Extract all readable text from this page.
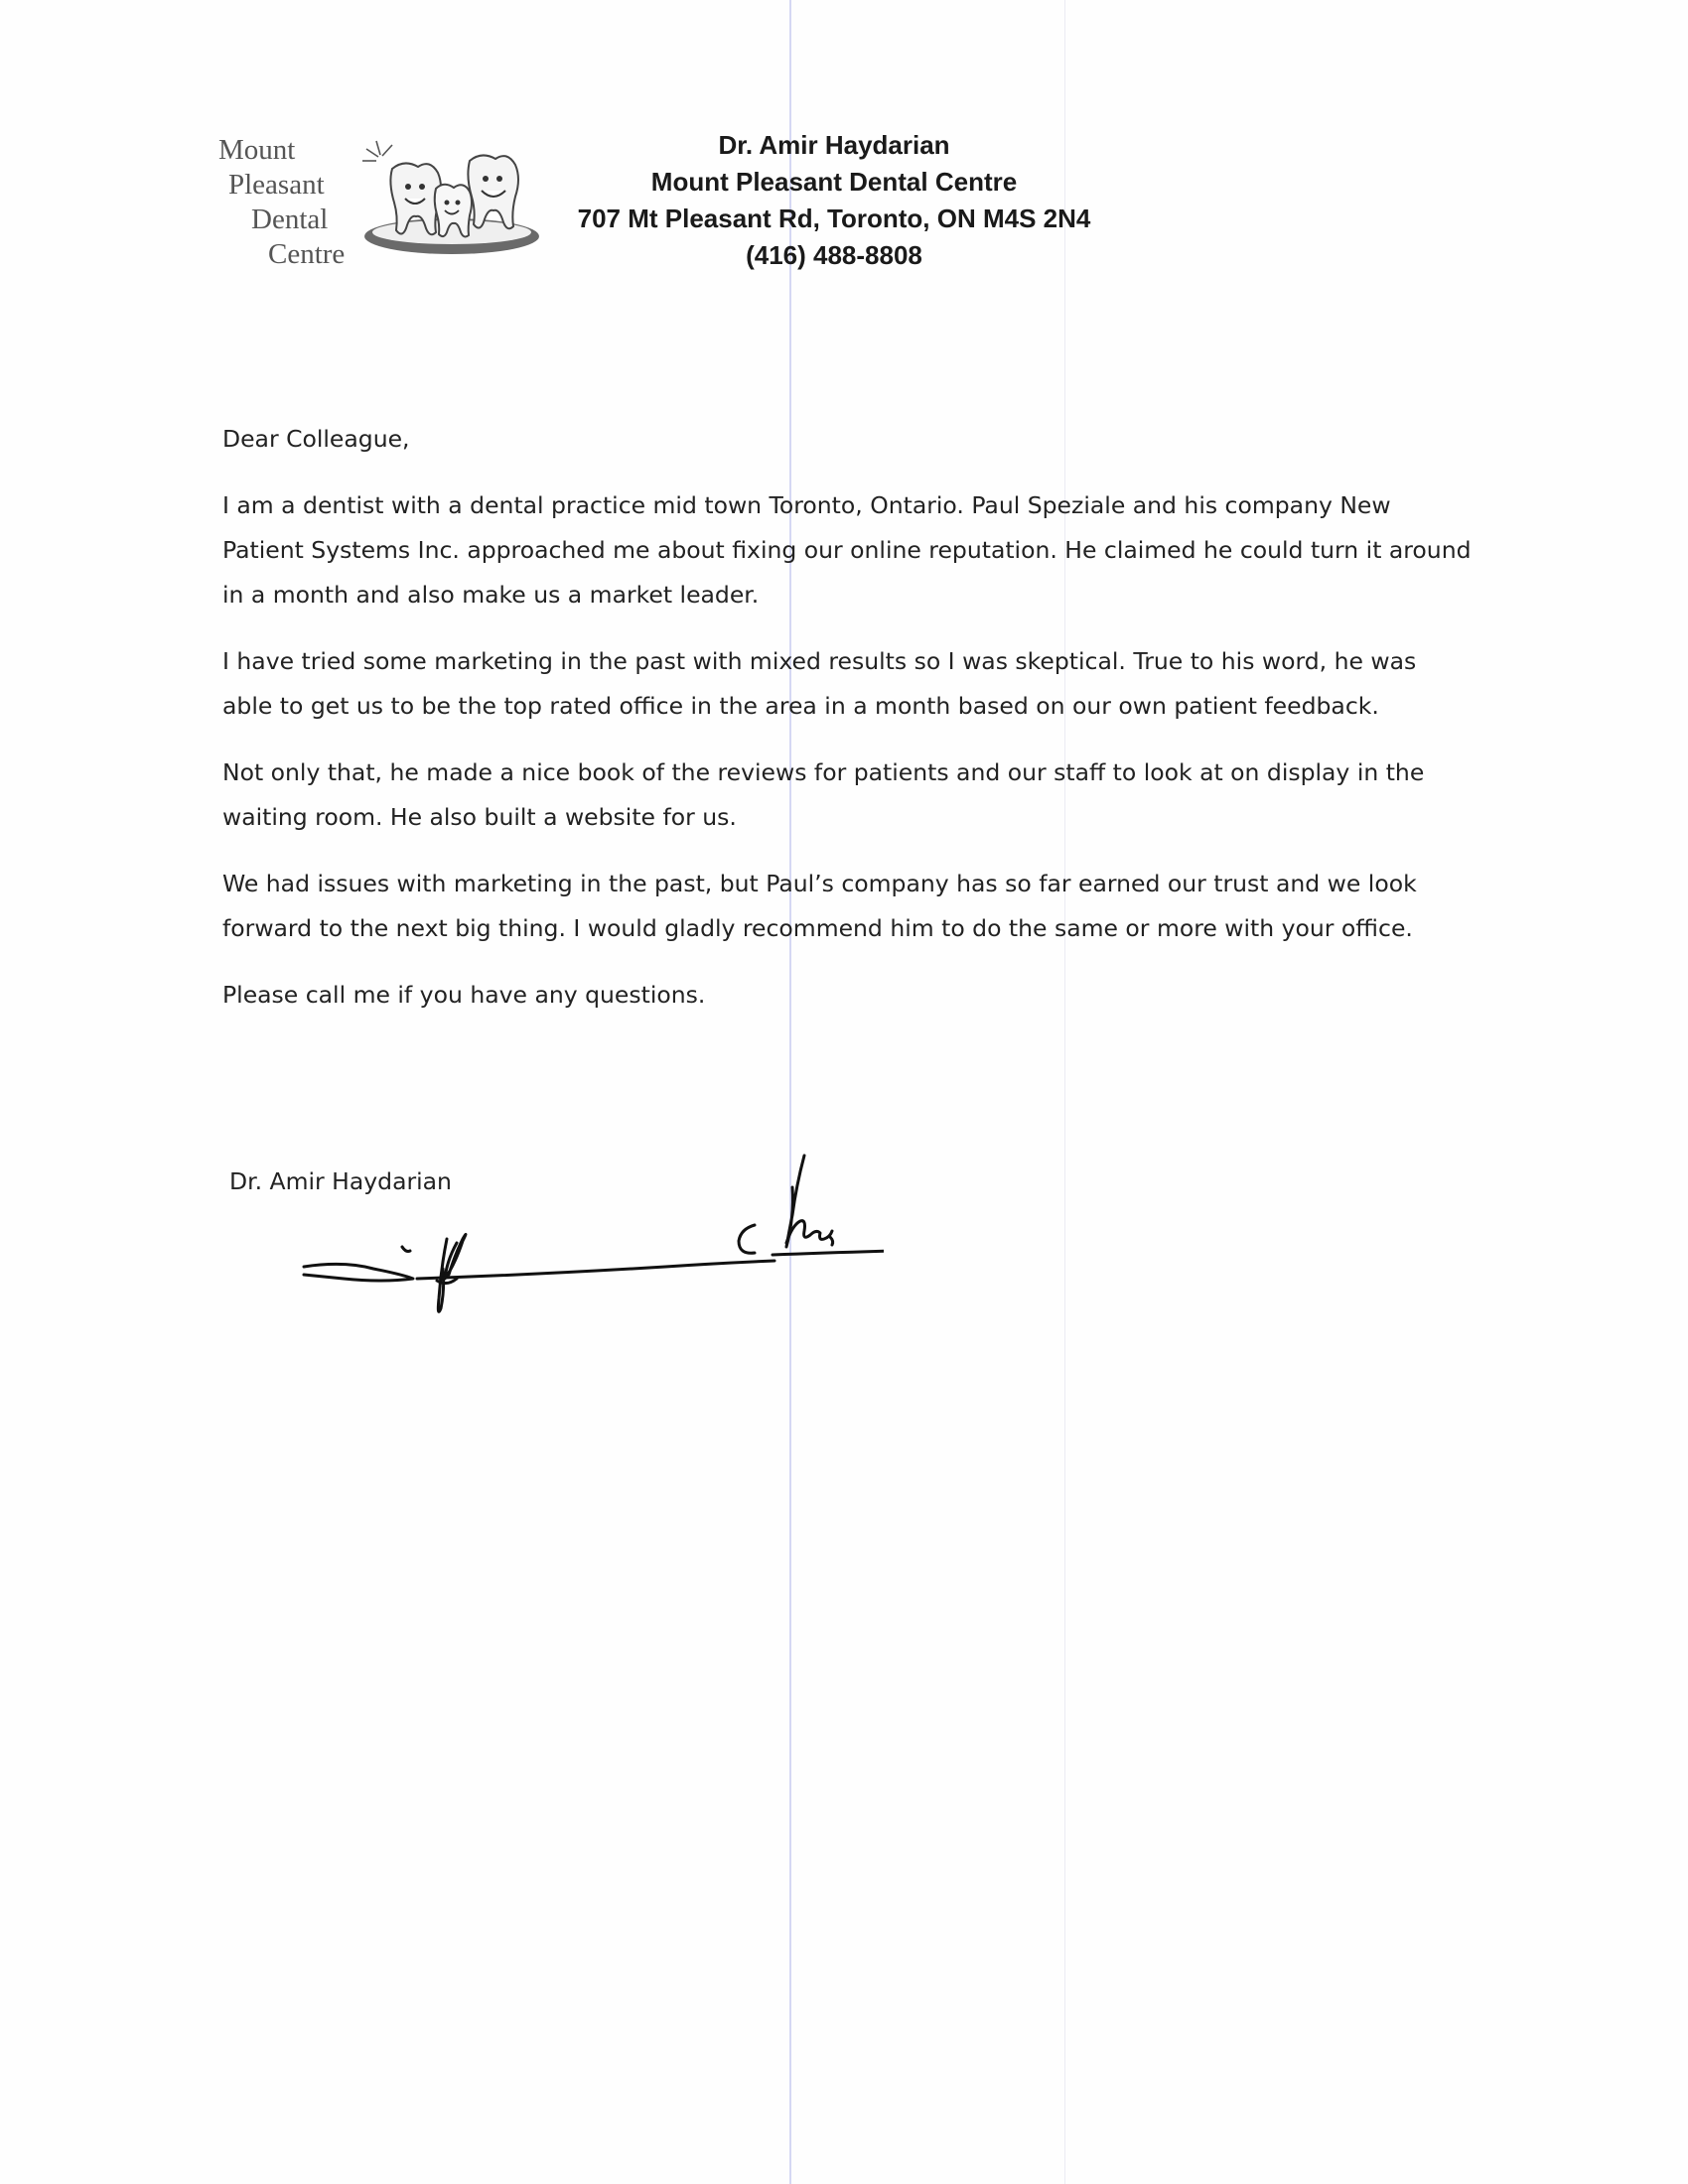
Mount
Pleasant
Dental
Centre
Dr. Amir Haydarian
Mount Pleasant Dental Centre
707 Mt Pleasant Rd, Toronto, ON M4S 2N4
(416) 488-8808

Dear Colleague,

I am a dentist with a dental practice mid town Toronto, Ontario. Paul Speziale and his company New Patient Systems Inc. approached me about fixing our online reputation. He claimed he could turn it around in a month and also make us a market leader.

I have tried some marketing in the past with mixed results so I was skeptical. True to his word, he was able to get us to be the top rated office in the area in a month based on our own patient feedback.

Not only that, he made a nice book of the reviews for patients and our staff to look at on display in the waiting room. He also built a website for us.

We had issues with marketing in the past, but Paul’s company has so far earned our trust and we look forward to the next big thing. I would gladly recommend him to do the same or more with your office.

Please call me if you have any questions.

Dr. Amir Haydarian
